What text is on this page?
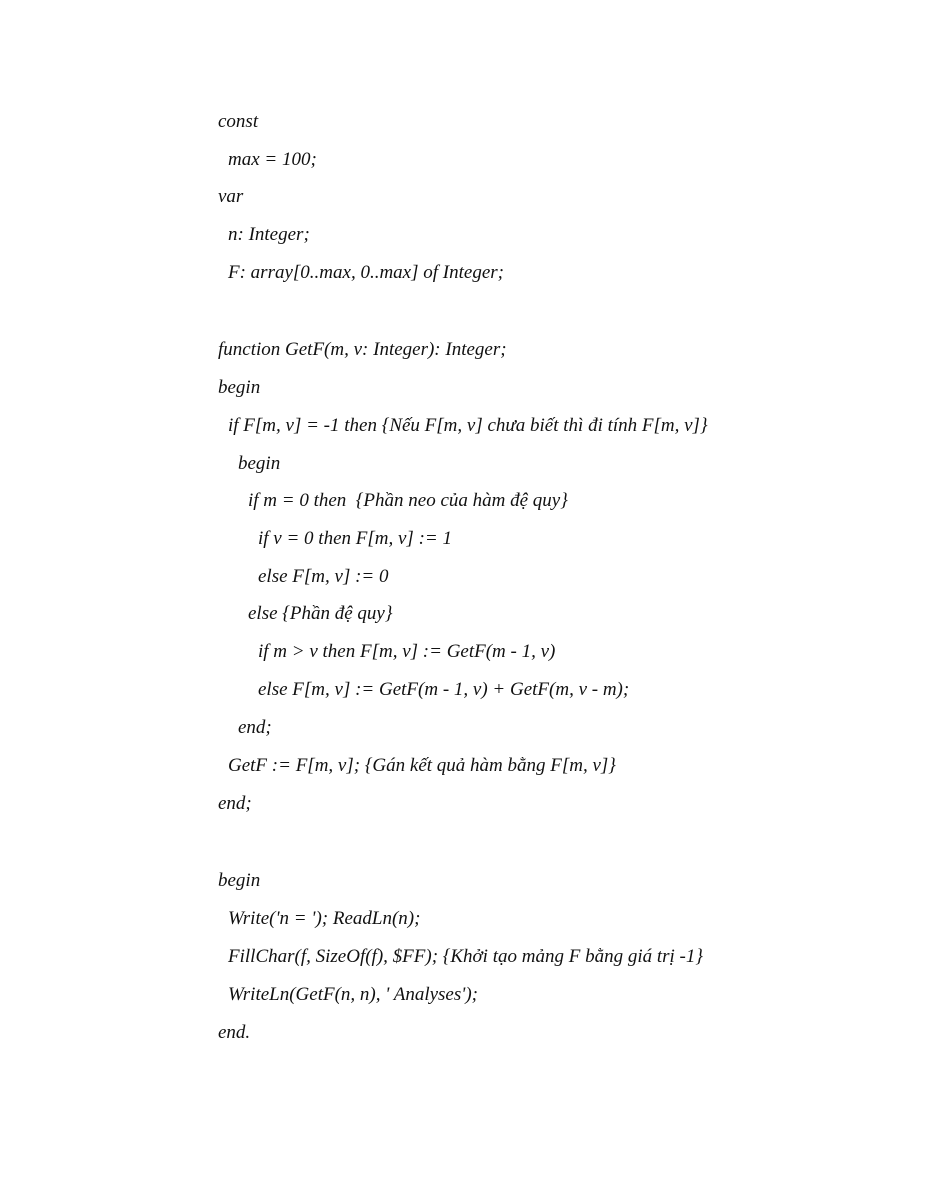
const
max = 100;
var
n: Integer;
F: array[0..max, 0..max] of Integer;
function GetF(m, v: Integer): Integer;
begin
if F[m, v] = -1 then {Nếu F[m, v] chưa biết thì đi tính F[m, v]}
begin
if m = 0 then  {Phần neo của hàm đệ quy}
if v = 0 then F[m, v] := 1
else F[m, v] := 0
else {Phần đệ quy}
if m > v then F[m, v] := GetF(m - 1, v)
else F[m, v] := GetF(m - 1, v) + GetF(m, v - m);
end;
GetF := F[m, v]; {Gán kết quả hàm bằng F[m, v]}
end;
begin
Write('n = '); ReadLn(n);
FillChar(f, SizeOf(f), $FF); {Khởi tạo mảng F bằng giá trị -1}
WriteLn(GetF(n, n), ' Analyses');
end.
